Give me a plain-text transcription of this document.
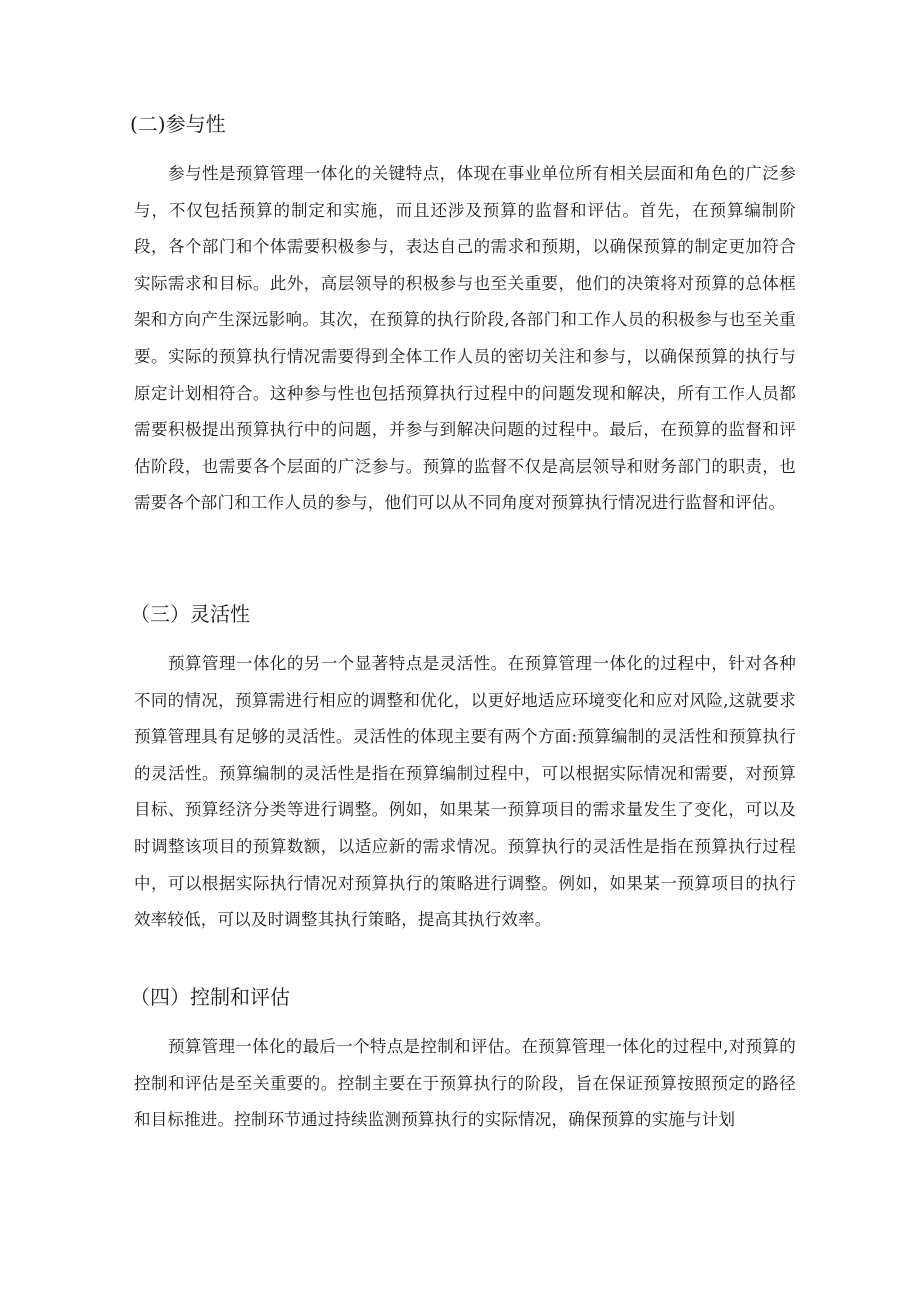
(二)参与性

参与性是预算管理一体化的关键特点，体现在事业单位所有相关层面和角色的广泛参与，不仅包括预算的制定和实施，而且还涉及预算的监督和评估。首先，在预算编制阶段，各个部门和个体需要积极参与，表达自己的需求和预期，以确保预算的制定更加符合实际需求和目标。此外，高层领导的积极参与也至关重要，他们的决策将对预算的总体框架和方向产生深远影响。其次，在预算的执行阶段,各部门和工作人员的积极参与也至关重要。实际的预算执行情况需要得到全体工作人员的密切关注和参与，以确保预算的执行与原定计划相符合。这种参与性也包括预算执行过程中的问题发现和解决，所有工作人员都需要积极提出预算执行中的问题，并参与到解决问题的过程中。最后，在预算的监督和评估阶段，也需要各个层面的广泛参与。预算的监督不仅是高层领导和财务部门的职责，也需要各个部门和工作人员的参与，他们可以从不同角度对预算执行情况进行监督和评估。

（三）灵活性

预算管理一体化的另一个显著特点是灵活性。在预算管理一体化的过程中，针对各种不同的情况，预算需进行相应的调整和优化，以更好地适应环境变化和应对风险,这就要求预算管理具有足够的灵活性。灵活性的体现主要有两个方面:预算编制的灵活性和预算执行的灵活性。预算编制的灵活性是指在预算编制过程中，可以根据实际情况和需要，对预算目标、预算经济分类等进行调整。例如，如果某一预算项目的需求量发生了变化，可以及时调整该项目的预算数额，以适应新的需求情况。预算执行的灵活性是指在预算执行过程中，可以根据实际执行情况对预算执行的策略进行调整。例如，如果某一预算项目的执行效率较低，可以及时调整其执行策略，提高其执行效率。

（四）控制和评估

预算管理一体化的最后一个特点是控制和评估。在预算管理一体化的过程中,对预算的控制和评估是至关重要的。控制主要在于预算执行的阶段，旨在保证预算按照预定的路径和目标推进。控制环节通过持续监测预算执行的实际情况，确保预算的实施与计划
